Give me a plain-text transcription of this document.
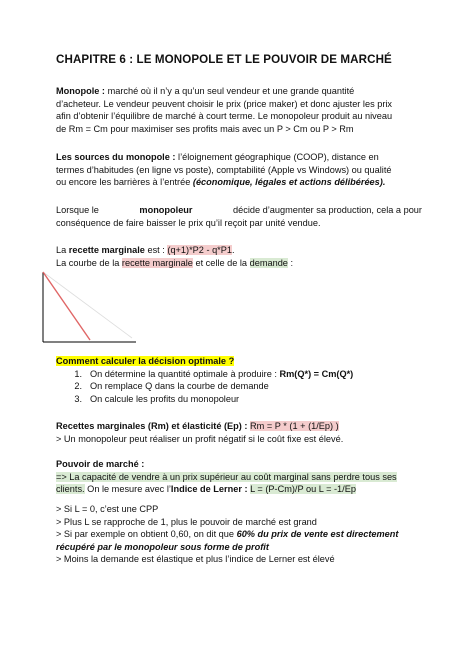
CHAPITRE 6 : LE MONOPOLE ET LE POUVOIR DE MARCHÉ
Monopole : marché où il n’y a qu’un seul vendeur et une grande quantité
d’acheteur. Le vendeur peuvent choisir le prix (price maker) et donc ajuster les prix
afin d’obtenir l’équilibre de marché à court terme. Le monopoleur produit au niveau
de Rm = Cm pour maximiser ses profits mais avec un P > Cm ou P > Rm
Les sources du monopole : l’éloignement géographique (COOP), distance en
termes d’habitudes (en ligne vs poste), comptabilité (Apple vs Windows) ou qualité
ou encore les barrières à l’entrée (économique, légales et actions délibérées).
Lorsque le	monopoleur	décide d’augmenter sa production, cela a pour
conséquence de faire baisser le prix qu’il reçoit par unité vendue.
La recette marginale est : (q+1)*P2 - q*P1.
La courbe de la recette marginale et celle de la demande :
Comment calculer la décision optimale ?
1. On détermine la quantité optimale à produire : Rm(Q*) = Cm(Q*)
2. On remplace Q dans la courbe de demande
3. On calcule les profits du monopoleur
Recettes marginales (Rm) et élasticité (Ep) : Rm = P * (1 + (1/Ep) )
> Un monopoleur peut réaliser un profit négatif si le coût fixe est élevé.
Pouvoir de marché :
=> La capacité de vendre à un prix supérieur au coût marginal sans perdre tous ses
clients. On le mesure avec l’Indice de Lerner : L = (P-Cm)/P ou L = -1/Ep
> Si L = 0, c’est une CPP
> Plus L se rapproche de 1, plus le pouvoir de marché est grand
> Si par exemple on obtient 0,60, on dit que 60% du prix de vente est directement
récupéré par le monopoleur sous forme de profit
> Moins la demande est élastique et plus l’indice de Lerner est élevé
